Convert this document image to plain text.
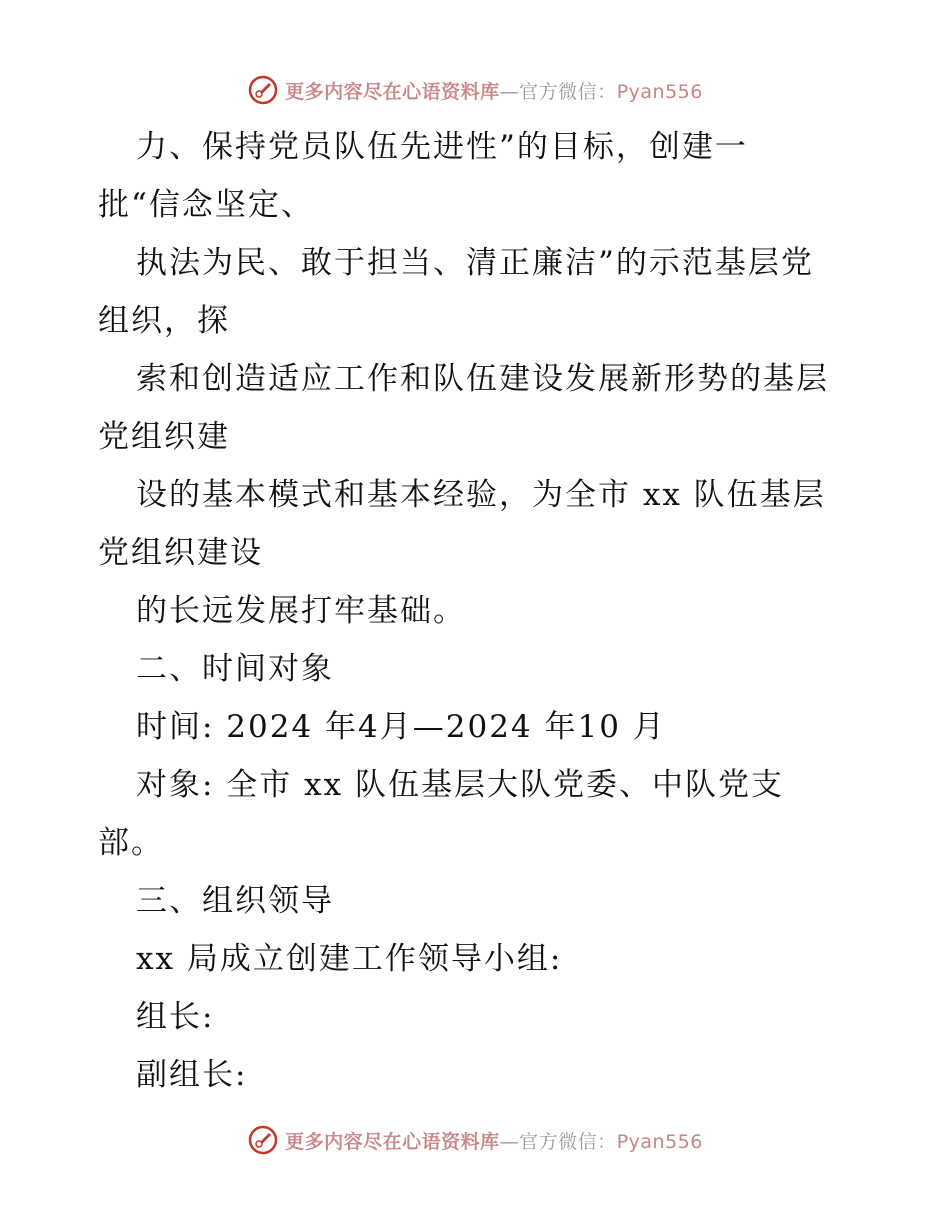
更多内容尽在心语资料库—官方微信：Pyan556
力、保持党员队伍先进性”的目标，创建一
批“信念坚定、
执法为民、敢于担当、清正廉洁”的示范基层党
组织，探
索和创造适应工作和队伍建设发展新形势的基层
党组织建
设的基本模式和基本经验，为全市 xx 队伍基层
党组织建设
的长远发展打牢基础。
二、时间对象
时间: 2024 年4月—2024 年10 月
对象: 全市 xx 队伍基层大队党委、中队党支
部。
三、组织领导
xx 局成立创建工作领导小组:
组长:
副组长:
更多内容尽在心语资料库—官方微信：Pyan556
